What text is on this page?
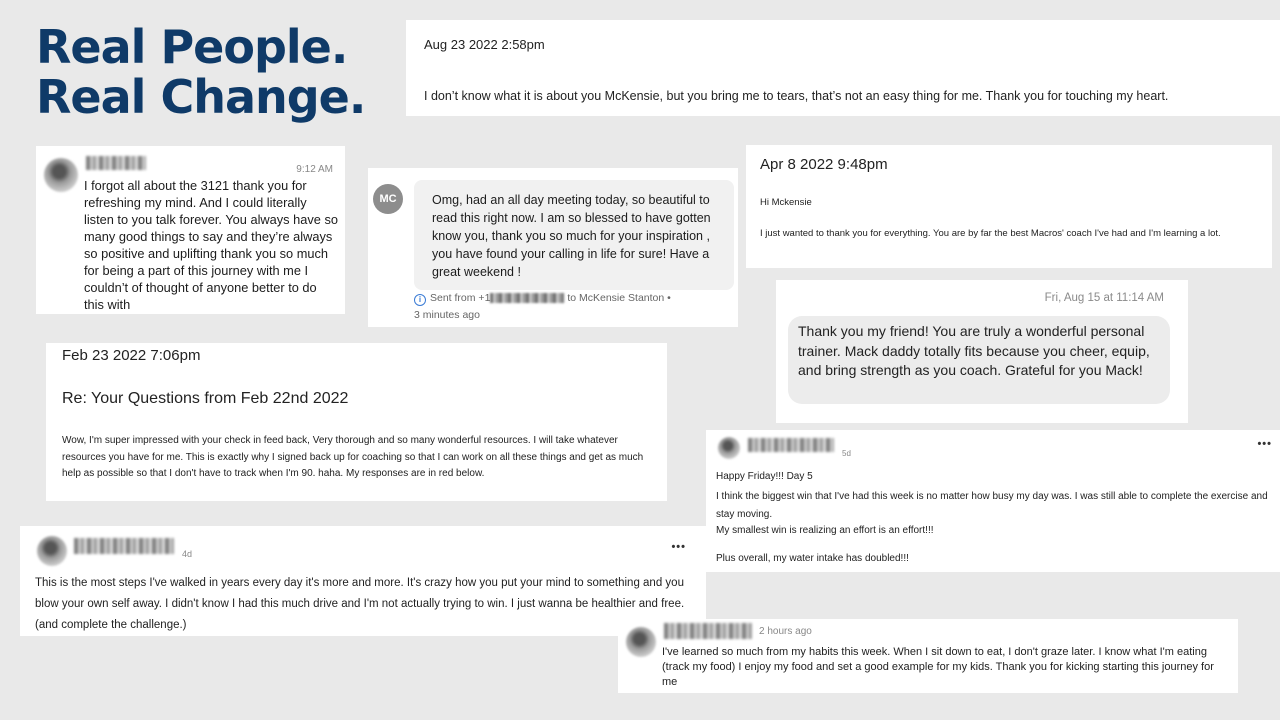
Real People.
Real Change.
Aug 23 2022 2:58pm

I don’t know what it is about you McKensie, but you bring me to tears, that’s not an easy thing for me. Thank you for touching my heart.

9:12 AM

I forgot all about the 3121 thank you for refreshing my mind. And I could literally listen to you talk forever. You always have so many good things to say and they’re always so positive and uplifting thank you so much for being a part of this journey with me I couldn’t of thought of anyone better to do this with

MC	Omg, had an all day meeting today, so beautiful to read this right now. I am so blessed to have gotten know you, thank you so much for your inspiration , you have found your calling in life for sure! Have a great weekend !

i Sent from +1	to McKensie Stanton •
3 minutes ago
Apr 8 2022 9:48pm
Hi Mckensie

I just wanted to thank you for everything. You are by far the best Macros' coach I've had and I'm learning a lot.

Fri, Aug 15 at 11:14 AM

Thank you my friend! You are truly a wonderful personal trainer. Mack daddy totally fits because you cheer, equip, and bring strength as you coach. Grateful for you Mack!

Feb 23 2022 7:06pm
Re: Your Questions from Feb 22nd 2022

Wow, I'm super impressed with your check in feed back, Very thorough and so many wonderful resources. I will take whatever resources you have for me. This is exactly why I signed back up for coaching so that I can work on all these things and get as much help as possible so that I don't have to track when I'm 90. haha. My responses are in red below.

5d
•••
Happy Friday!!! Day 5

I think the biggest win that I've had this week is no matter how busy my day was. I was still able to complete the exercise and stay moving.

My smallest win is realizing an effort is an effort!!!
Plus overall, my water intake has doubled!!!
4d
•••

This is the most steps I've walked in years every day it's more and more. It's crazy how you put your mind to something and you blow your own self away. I didn't know I had this much drive and I'm not actually trying to win. I just wanna be healthier and free. (and complete the challenge.)

2 hours ago

I've learned so much from my habits this week. When I sit down to eat, I don't graze later. I know what I'm eating (track my food) I enjoy my food and set a good example for my kids. Thank you for kicking starting this journey for me
